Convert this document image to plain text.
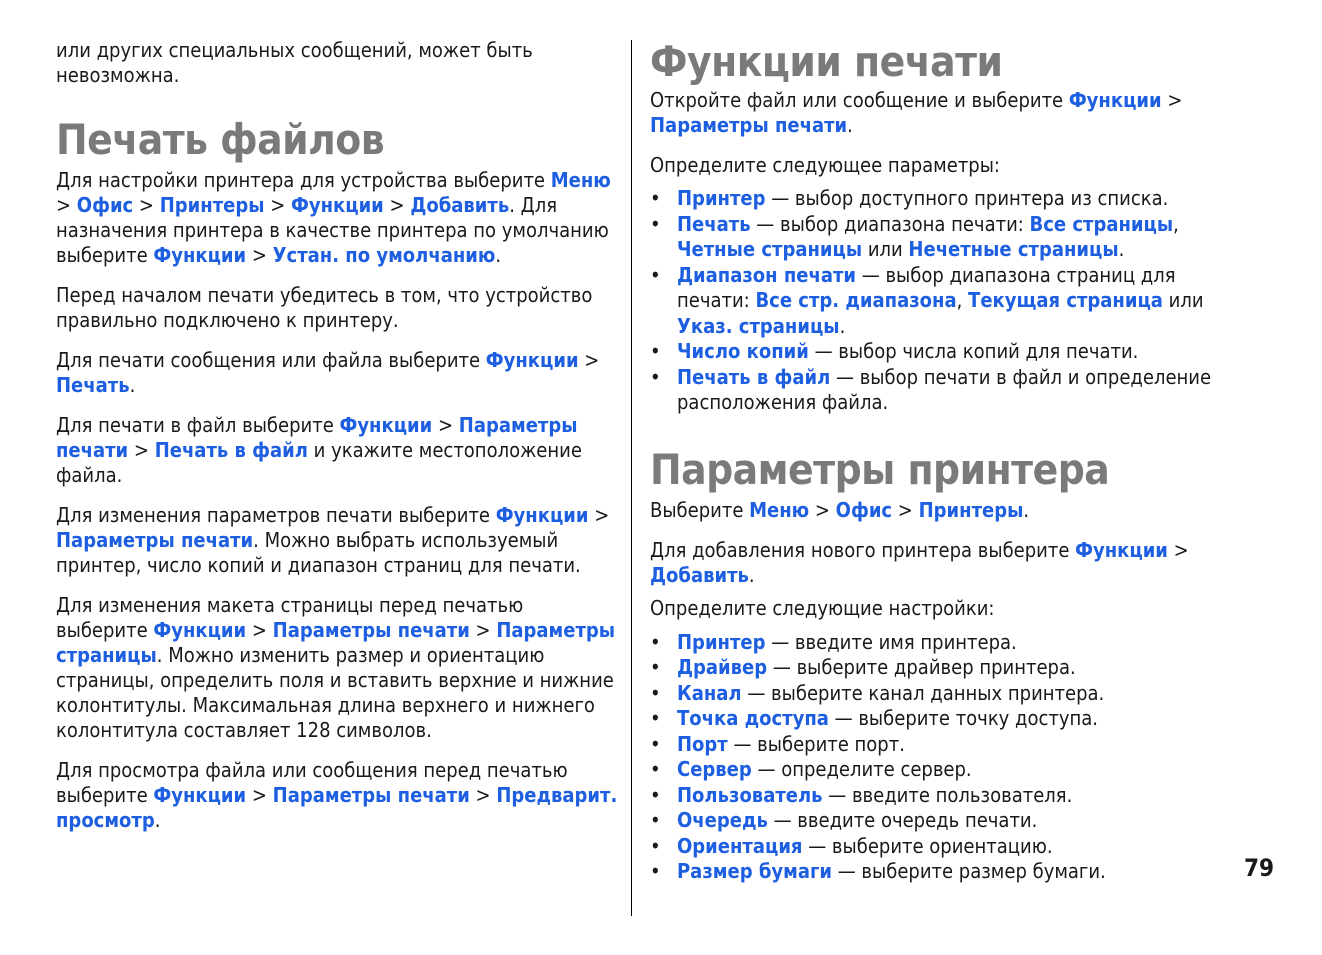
или других специальных сообщений, может быть невозможна.

Печать файлов

Для настройки принтера для устройства выберите Меню > Офис > Принтеры > Функции > Добавить. Для назначения принтера в качестве принтера по умолчанию выберите Функции > Устан. по умолчанию.

Перед началом печати убедитесь в том, что устройство правильно подключено к принтеру.

Для печати сообщения или файла выберите Функции > Печать.

Для печати в файл выберите Функции > Параметры печати > Печать в файл и укажите местоположение файла.

Для изменения параметров печати выберите Функции > Параметры печати. Можно выбрать используемый принтер, число копий и диапазон страниц для печати.

Для изменения макета страницы перед печатью выберите Функции > Параметры печати > Параметры страницы. Можно изменить размер и ориентацию страницы, определить поля и вставить верхние и нижние колонтитулы. Максимальная длина верхнего и нижнего колонтитула составляет 128 символов.

Для просмотра файла или сообщения перед печатью выберите Функции > Параметры печати > Предварит. просмотр.

Функции печати

Откройте файл или сообщение и выберите Функции > Параметры печати.

Определите следующее параметры:

• Принтер — выбор доступного принтера из списка.
• Печать — выбор диапазона печати: Все страницы, Четные страницы или Нечетные страницы.
• Диапазон печати — выбор диапазона страниц для печати: Все стр. диапазона, Текущая страница или Указ. страницы.
• Число копий — выбор числа копий для печати.
• Печать в файл — выбор печати в файл и определение расположения файла.
Параметры принтера

Выберите Меню > Офис > Принтеры.

Для добавления нового принтера выберите Функции > Добавить.

Определите следующие настройки:

• Принтер — введите имя принтера.
• Драйвер — выберите драйвер принтера.
• Канал — выберите канал данных принтера.
• Точка доступа — выберите точку доступа.
• Порт — выберите порт.
• Сервер — определите сервер.
• Пользователь — введите пользователя.
• Очередь — введите очередь печати.
• Ориентация — выберите ориентацию.
• Размер бумаги — выберите размер бумаги.	79
